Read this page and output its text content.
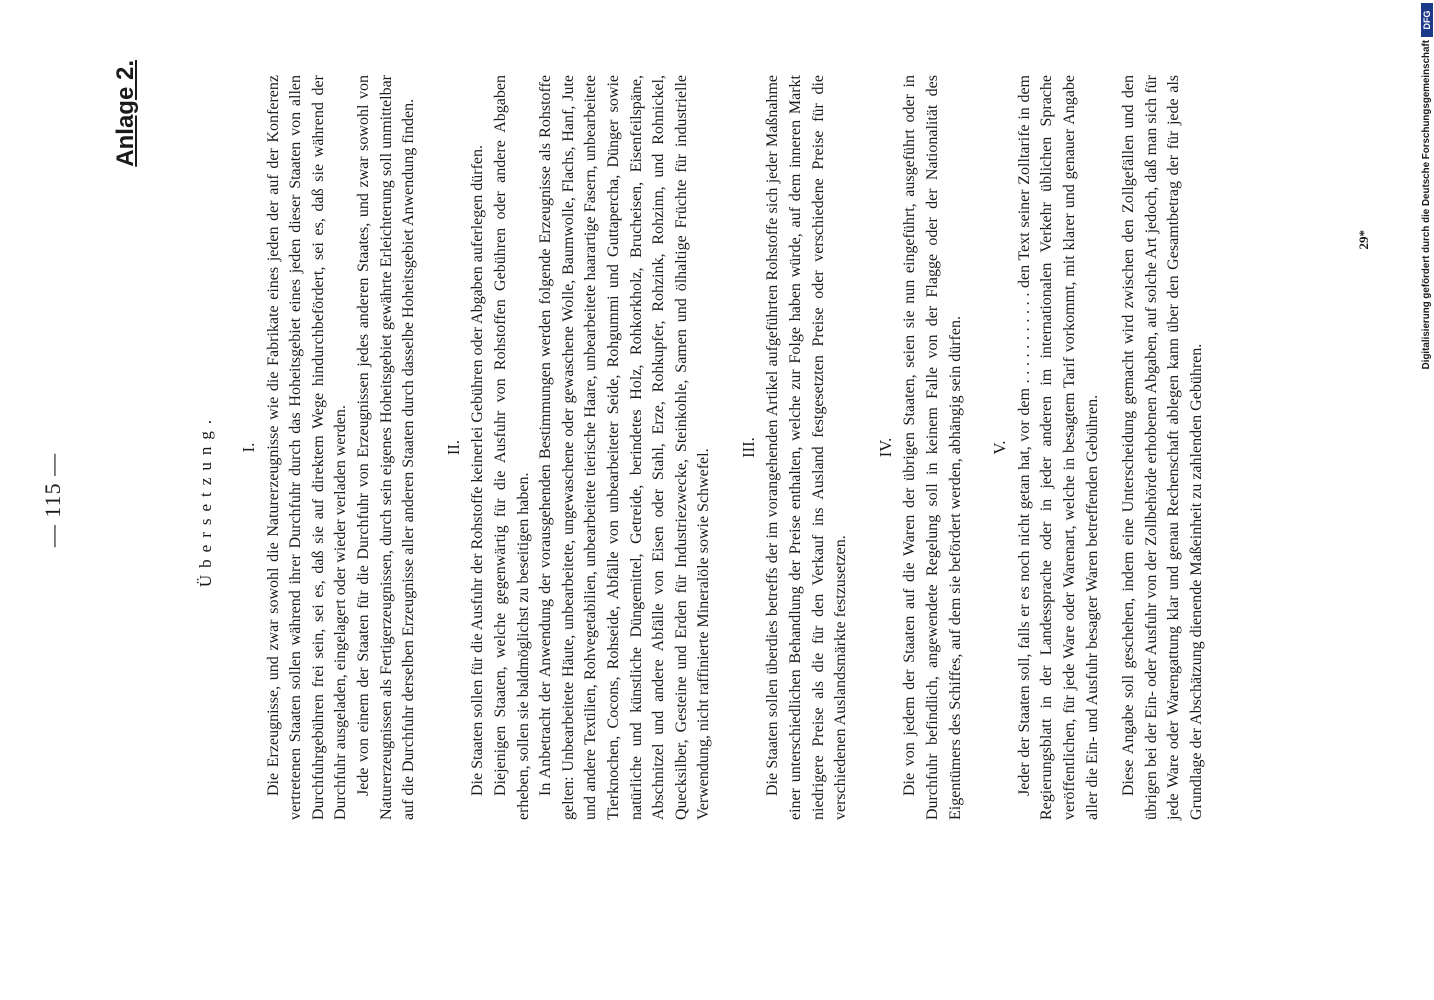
— 115 —
Anlage 2.
Übersetzung. I. Die Erzeugnisse, und zwar sowohl die Naturerzeugnisse wie die Fabrikate eines jeden der auf der Konferenz vertretenen Staaten sollen während ihrer Durchfuhr durch das Hoheitsgebiet eines jeden dieser Staaten von allen Durchfuhrgebühren frei sein, sei es, daß sie auf direktem Wege hindurchbefördert, sei es, daß sie während der Durchfuhr ausgeladen, eingelagert oder wieder verladen werden. Jede von einem der Staaten für die Durchfuhr von Erzeugnissen jedes anderen Staates, und zwar sowohl von Naturerzeugnissen als Fertigerzeugnissen, durch sein eigenes Hoheitsgebiet gewährte Erleichterung soll unmittelbar auf die Durchfuhr derselben Erzeugnisse aller anderen Staaten durch dasselbe Hoheitsgebiet Anwendung finden. II. Die Staaten sollen für die Ausfuhr der Rohstoffe keinerlei Gebühren oder Abgaben auferlegen dürfen. Diejenigen Staaten, welche gegenwärtig für die Ausfuhr von Rohstoffen Gebühren oder andere Abgaben erheben, sollen sie baldmöglichst zu beseitigen haben. In Anbetracht der Anwendung der vorausgehenden Bestimmungen werden folgende Erzeugnisse als Rohstoffe gelten: Unbearbeitete Häute, unbearbeitete, ungewaschene oder gewaschene Wolle, Baumwolle, Flachs, Hanf, Jute und andere Textilien, Rohvegetabilien, unbearbeitete tierische Haare, unbearbeitete haarartige Fasern, unbearbeitete Tierknochen, Cocons, Rohseide, Abfälle von unbearbeiteter Seide, Rohgummi und Guttapercha, Dünger sowie natürliche und künstliche Düngemittel, Getreide, berindetes Holz, Rohkorkholz, Brucheisen, Eisenfeilspäne, Abschnitzel und andere Abfälle von Eisen oder Stahl, Erze, Rohkupfer, Rohzink, Rohzinn, und Rohnickel, Quecksilber, Gesteine und Erden für Industriezwecke, Steinkohle, Samen und ölhaltige Früchte für industrielle Verwendung, nicht raffinierte Mineralöle sowie Schwefel.

III. Die Staaten sollen überdies betreffs der im vorangehenden Artikel aufgeführten Rohstoffe sich jeder Maßnahme einer unterschiedlichen Behandlung der Preise enthalten, welche zur Folge haben würde, auf dem inneren Markt niedrigere Preise als die für den Verkauf ins Ausland festgesetzten Preise oder verschiedene Preise für die verschiedenen Auslandsmärkte festzusetzen.

IV. Die von jedem der Staaten auf die Waren der übrigen Staaten, seien sie nun eingeführt, ausgeführt oder in Durchfuhr befindlich, angewendete Regelung soll in keinem Falle von der Flagge oder der Nationalität des Eigentümers des Schiffes, auf dem sie befördert werden, abhängig sein dürfen. V. Jeder der Staaten soll, falls er es noch nicht getan hat, vor dem . . . . . . . . . . . den Text seiner Zolltarife in dem Regierungsblatt in der Landessprache oder in jeder anderen im internationalen Verkehr üblichen Sprache veröffentlichen, für jede Ware oder Warenart, welche in besagtem Tarif vorkommt, mit klarer und genauer Angabe aller die Ein- und Ausfuhr besagter Waren betreffenden Gebühren. Diese Angabe soll geschehen, indem eine Unterscheidung gemacht wird zwischen den Zollgefällen und den übrigen bei der Ein- oder Ausfuhr von der Zollbehörde erhobenen Abgaben, auf solche Art jedoch, daß man sich für jede Ware oder Warengattung klar und genau Rechenschaft ablegen kann über den Gesamtbetrag der für jede als Grundlage der Abschätzung dienende Maßeinheit zu zahlenden Gebühren.

29*	Digitalisierung gefördert durch die Deutsche Forschungsgemeinschaft
DFG
